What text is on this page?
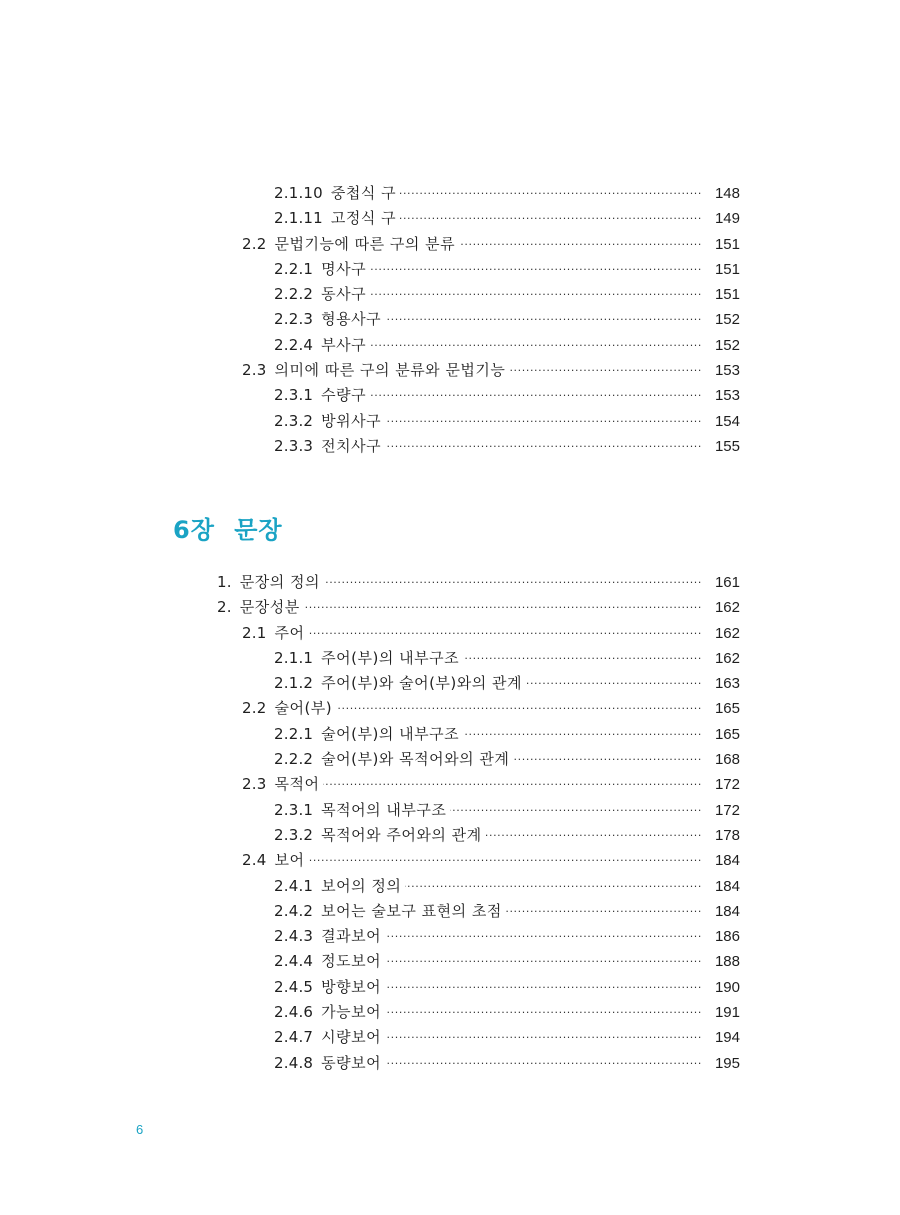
2.1.10 중첩식 구 ·····	148
2.1.11 고정식 구 ·····	149
2.2 문법기능에 따른 구의 분류 ·····	151
2.2.1 명사구 ·····	151
2.2.2 동사구 ·····	151
2.2.3 형용사구 ·····	152
2.2.4 부사구 ·····	152
2.3 의미에 따른 구의 분류와 문법기능 ·····	153
2.3.1 수량구 ·····	153
2.3.2 방위사구 ·····	154
2.3.3 전치사구 ·····	155
6장 문장
1. 문장의 정의 ·····	161
2. 문장성분 ·····	162
2.1 주어 ·····	162
2.1.1 주어(부)의 내부구조 ·····	162
2.1.2 주어(부)와 술어(부)와의 관계 ·····	163
2.2 술어(부) ·····	165
2.2.1 술어(부)의 내부구조 ·····	165
2.2.2 술어(부)와 목적어와의 관계 ·····	168
2.3 목적어 ·····	172
2.3.1 목적어의 내부구조 ·····	172
2.3.2 목적어와 주어와의 관계 ·····	178
2.4 보어 ·····	184
2.4.1 보어의 정의 ·····	184
2.4.2 보어는 술보구 표현의 초점 ·····	184
2.4.3 결과보어 ·····	186
2.4.4 정도보어 ·····	188
2.4.5 방향보어 ·····	190
2.4.6 가능보어 ·····	191
2.4.7 시량보어 ·····	194
2.4.8 동량보어 ·····	195
6
